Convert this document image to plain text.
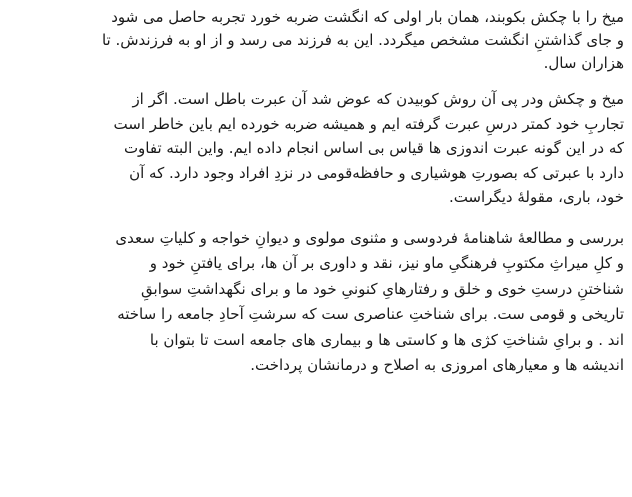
میخ را با چکش بکوبند، همان بار اولی که انگشت ضربه خورد تجربه حاصل می شود
و جای گذاشتنِ انگشت مشخص میگردد. این به فرزند می رسد و از او به فرزندش. تا
هزاران سال.
میخ و چکش ودر پی آن روش کوبیدن که عوض شد آن عبرت باطل است. اگر از
تجاربِ خود کمتر درسِ عبرت گرفته ایم و همیشه ضربه خورده ایم باین خاطر است
که در این گونه عبرت اندوزی ها قیاس بی اساس انجام داده ایم. واین البته تفاوت
دارد با عبرتی که بصورتِ هوشیاری و حافظه‌قومی در نزدِ افراد وجود دارد. که آن
خود، باری، مقولهٔ دیگراست.
بررسی و مطالعهٔ شاهنامهٔ فردوسی و مثنوی مولوی و دیوانِ خواجه و کلیاتِ سعدی
و کلِ میراثِ مکتوبِ فرهنگیِ ماو نیز، نقد و داوری بر آن ها، برای یافتنِ خود و
شناختنِ درستِ خوی و خلق و رفتارهایِ کنونیِ خود ما و برای نگهداشتِ سوابقِ
تاریخی و قومی ست. برای شناختِ عناصری ست که سرشتِ آحادِ جامعه را ساخته
اند . و برایِ شناختِ کژی ها و کاستی ها و بیماری های جامعه است تا بتوان با
اندیشه ها و معیارهای امروزی به اصلاح و درمانشان پرداخت.
